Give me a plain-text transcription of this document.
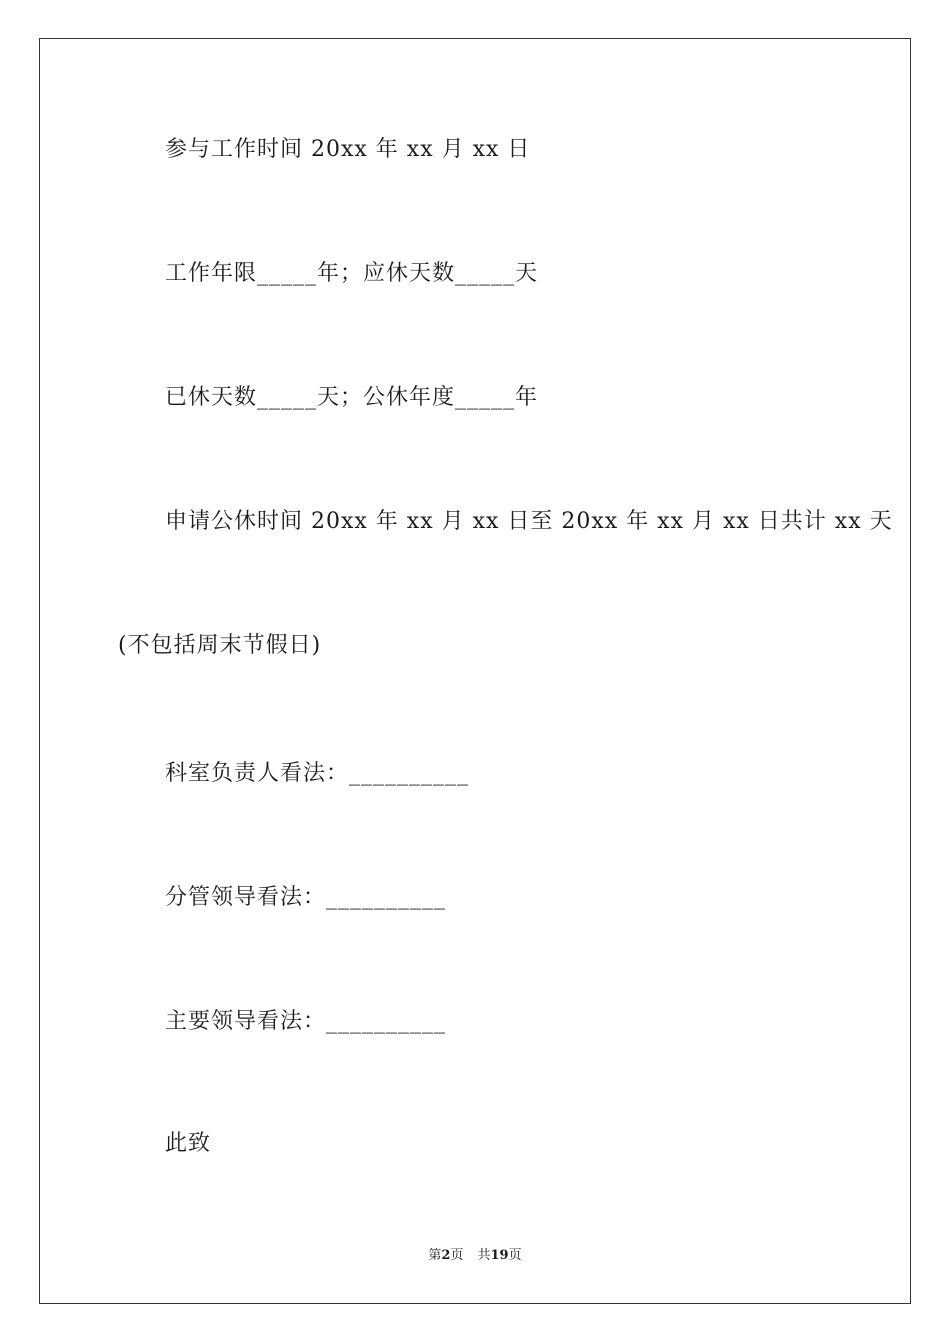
参与工作时间 20xx 年 xx 月 xx 日
工作年限_____年；应休天数_____天
已休天数_____天；公休年度_____年
申请公休时间 20xx 年 xx 月 xx 日至 20xx 年 xx 月 xx 日共计 xx 天
(不包括周末节假日)
科室负责人看法：__________
分管领导看法：__________
主要领导看法：__________
此致
第2页 共19页
